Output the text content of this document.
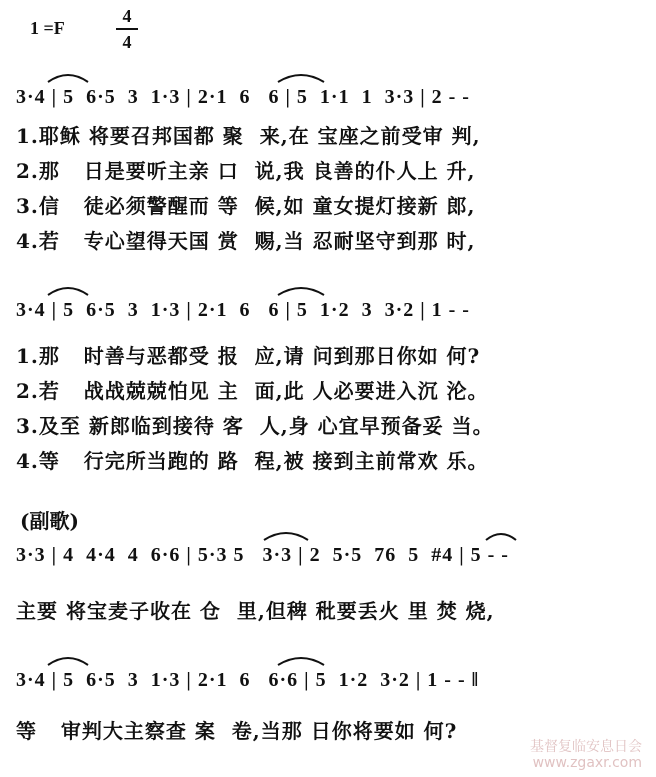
1 =F
4
4
3·4 | 5  6·5  3  1·3 | 2·1  6   6 | 5  1·1  1  3·3 | 2 - -
1.耶稣 将要召邦国都 聚  来,在 宝座之前受审 判,
2.那   日是要听主亲 口  说,我 良善的仆人上 升,
3.信   徒必须警醒而 等  候,如 童女提灯接新 郎,
4.若   专心望得天国 赏  赐,当 忍耐坚守到那 时,
3·4 | 5  6·5  3  1·3 | 2·1  6   6 | 5  1·2  3  3·2 | 1 - -
1.那   时善与恶都受 报  应,请 问到那日你如 何?
2.若   战战兢兢怕见 主  面,此 人必要进入沉 沦。
3.及至 新郎临到接待 客  人,身 心宜早预备妥 当。
4.等   行完所当跑的 路  程,被 接到主前常欢 乐。
(副歌)
3·3 | 4  4·4  4  6·6 | 5·3 5   3·3 | 2  5·5  76  5  #4 | 5 - -
主要 将宝麦子收在 仓  里,但稗 秕要丢火 里 焚 烧,
3·4 | 5  6·5  3  1·3 | 2·1  6   6·6 | 5  1·2  3·2 | 1 - - ‖
等   审判大主察查 案  卷,当那 日你将要如 何?
基督复临安息日会
www.zgaxr.com
